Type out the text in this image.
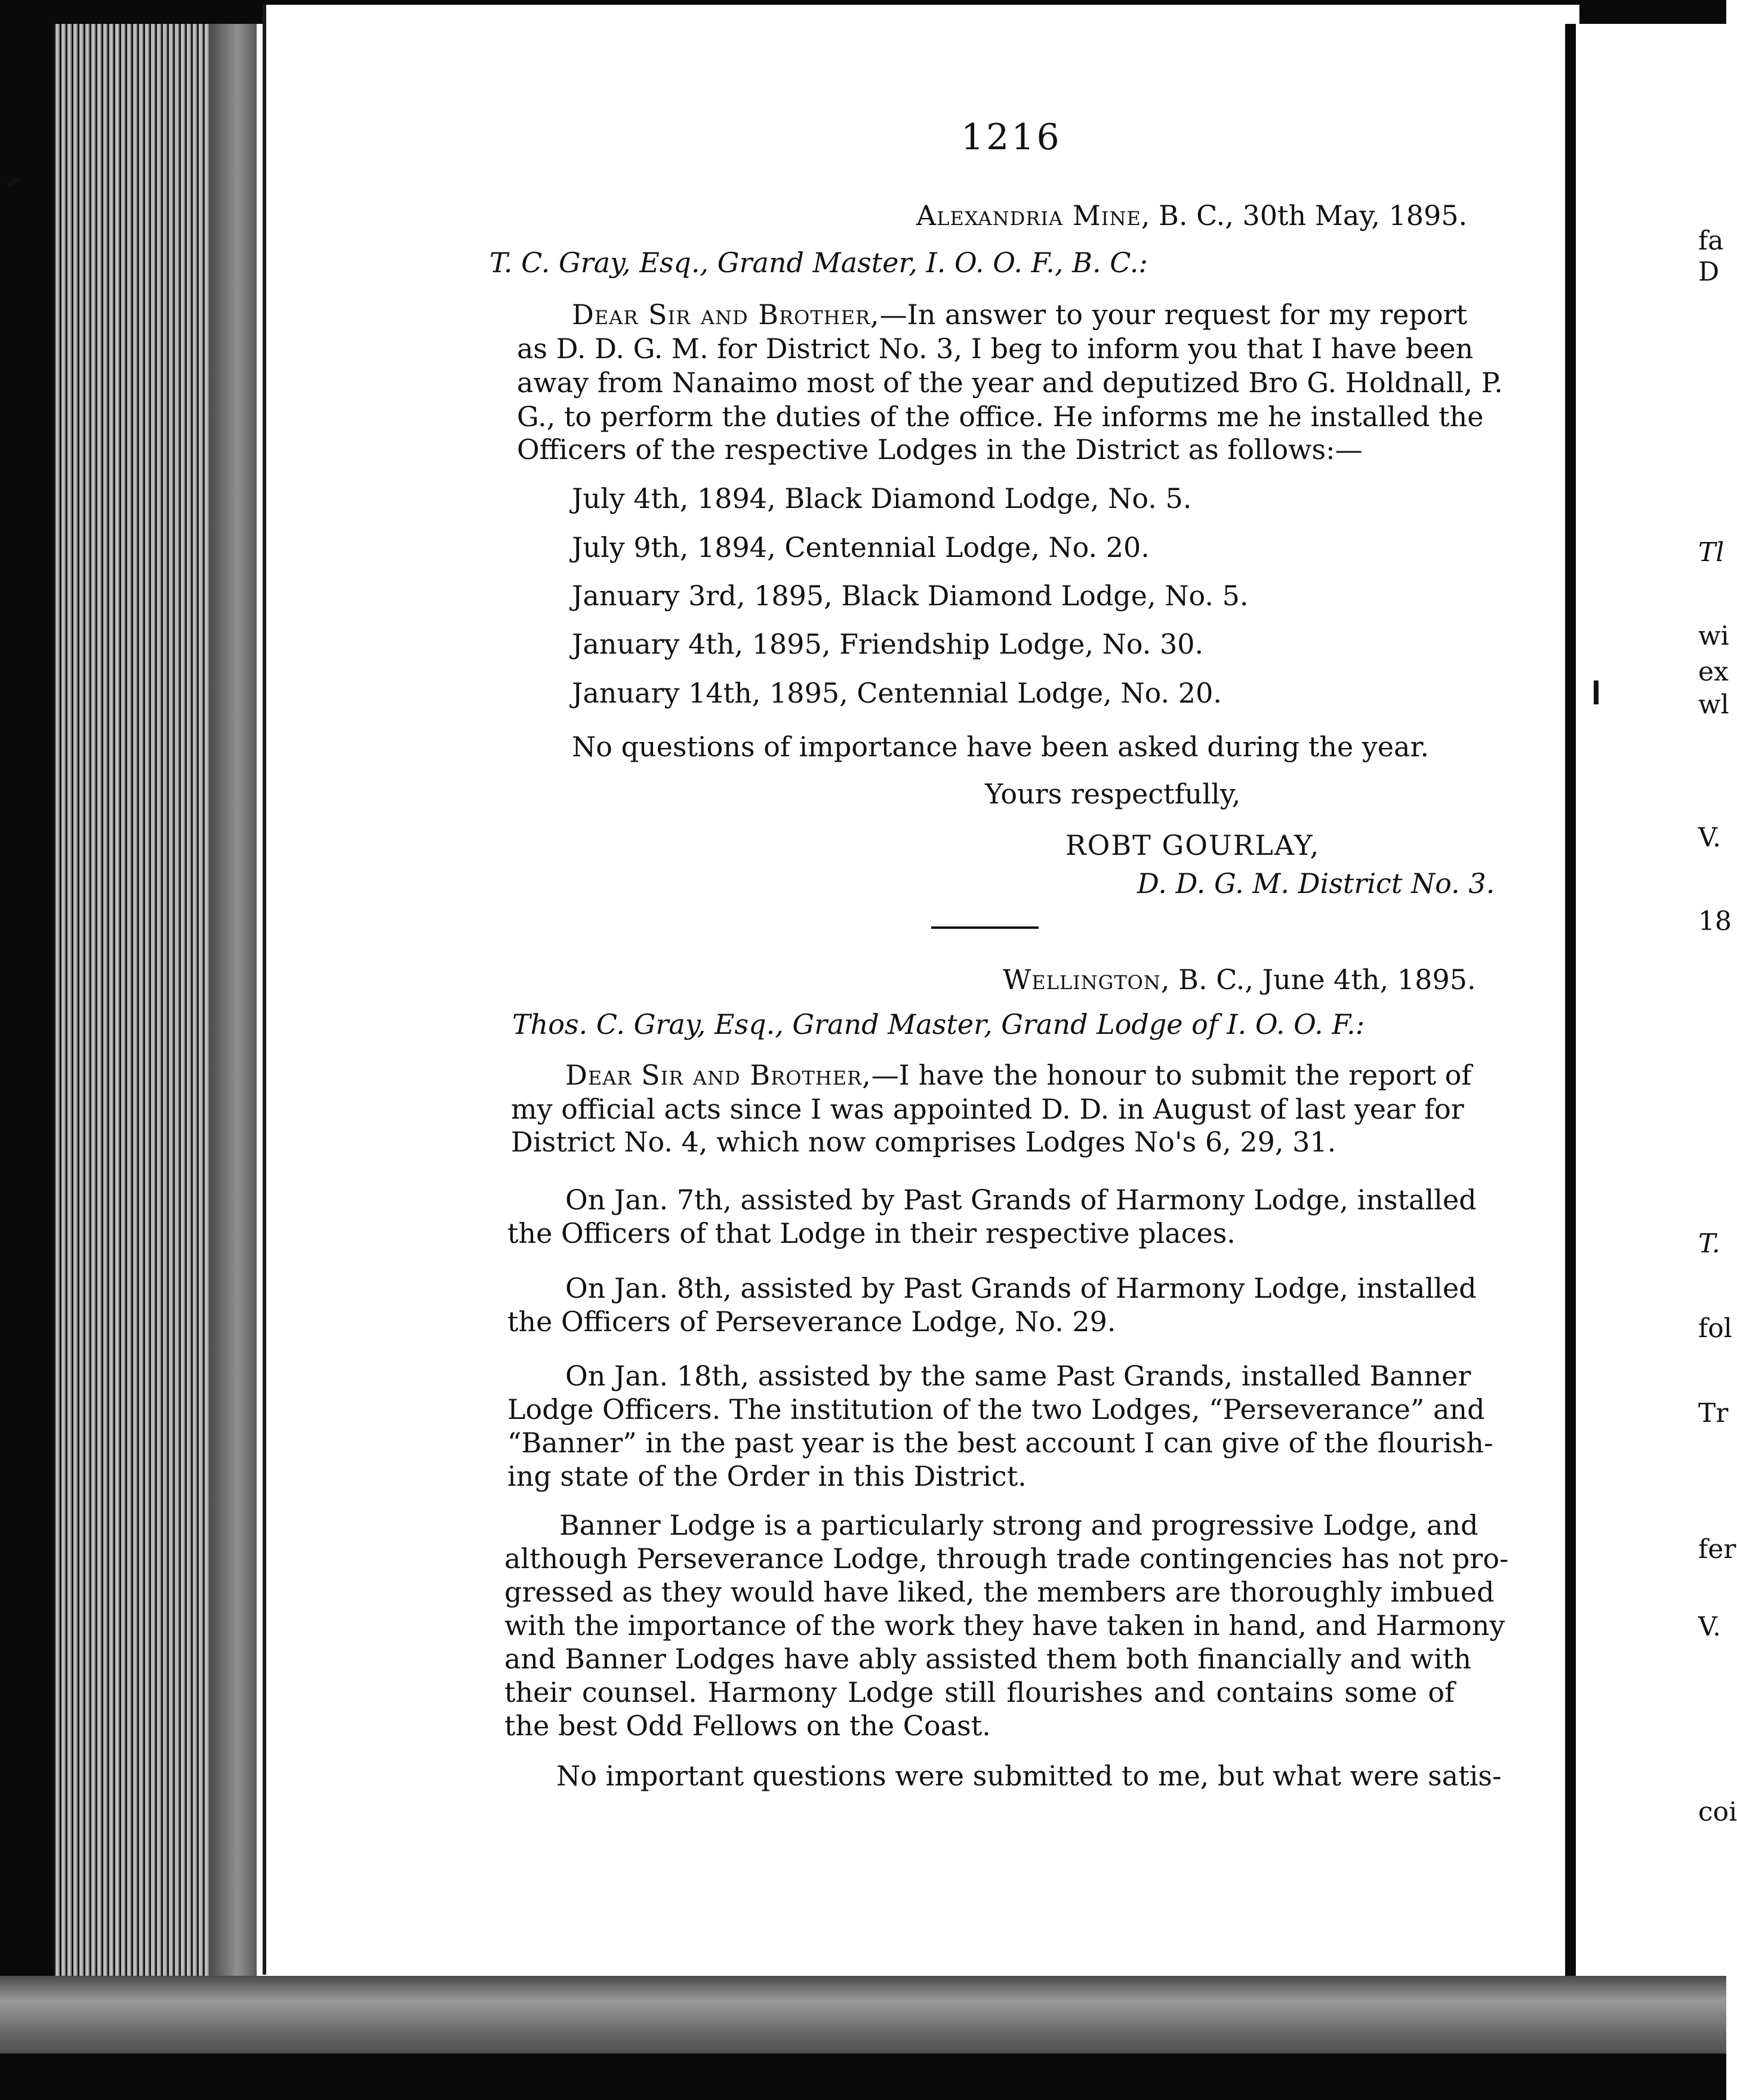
1216
Alexandria Mine, B. C., 30th May, 1895.
T. C. Gray, Esq., Grand Master, I. O. O. F., B. C.:
Dear Sir and Brother,—In answer to your request for my report
as D. D. G. M. for District No. 3, I beg to inform you that I have been
away from Nanaimo most of the year and deputized Bro G. Holdnall, P.
G., to perform the duties of the office. He informs me he installed the
Officers of the respective Lodges in the District as follows:—
July 4th, 1894, Black Diamond Lodge, No. 5.
July 9th, 1894, Centennial Lodge, No. 20.
January 3rd, 1895, Black Diamond Lodge, No. 5.
January 4th, 1895, Friendship Lodge, No. 30.
January 14th, 1895, Centennial Lodge, No. 20.
No questions of importance have been asked during the year.
Yours respectfully,
ROBT GOURLAY,
D. D. G. M. District No. 3.
Wellington, B. C., June 4th, 1895.
Thos. C. Gray, Esq., Grand Master, Grand Lodge of I. O. O. F.:
Dear Sir and Brother,—I have the honour to submit the report of
my official acts since I was appointed D. D. in August of last year for
District No. 4, which now comprises Lodges No's 6, 29, 31.
On Jan. 7th, assisted by Past Grands of Harmony Lodge, installed
the Officers of that Lodge in their respective places.
On Jan. 8th, assisted by Past Grands of Harmony Lodge, installed
the Officers of Perseverance Lodge, No. 29.
On Jan. 18th, assisted by the same Past Grands, installed Banner
Lodge Officers. The institution of the two Lodges, “Perseverance” and
“Banner” in the past year is the best account I can give of the flourish-
ing state of the Order in this District.
Banner Lodge is a particularly strong and progressive Lodge, and
although Perseverance Lodge, through trade contingencies has not pro-
gressed as they would have liked, the members are thoroughly imbued
with the importance of the work they have taken in hand, and Harmony
and Banner Lodges have ably assisted them both financially and with
their counsel. Harmony Lodge still flourishes and contains some of
the best Odd Fellows on the Coast.
No important questions were submitted to me, but what were satis-
fa
D
Tl
wi
ex
wl
V.
18
T.
fol
Tr
fer
V.
coi
